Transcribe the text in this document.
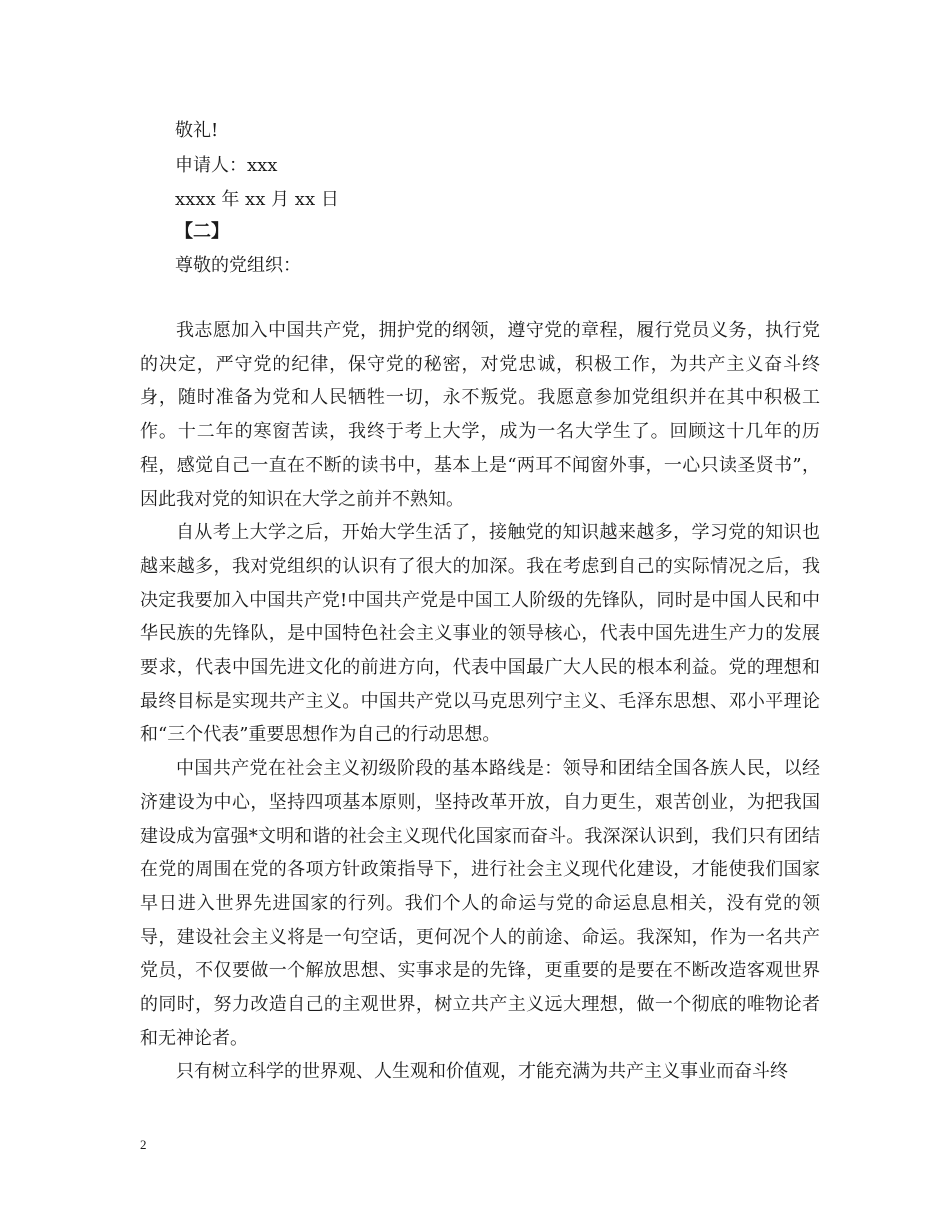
敬礼!
申请人：xxx
xxxx 年 xx 月 xx 日
【二】
尊敬的党组织：

我志愿加入中国共产党，拥护党的纲领，遵守党的章程，履行党员义务，执行党的决定，严守党的纪律，保守党的秘密，对党忠诚，积极工作，为共产主义奋斗终身，随时准备为党和人民牺牲一切，永不叛党。我愿意参加党组织并在其中积极工作。十二年的寒窗苦读，我终于考上大学，成为一名大学生了。回顾这十几年的历程，感觉自己一直在不断的读书中，基本上是“两耳不闻窗外事，一心只读圣贤书”，因此我对党的知识在大学之前并不熟知。

自从考上大学之后，开始大学生活了，接触党的知识越来越多，学习党的知识也越来越多，我对党组织的认识有了很大的加深。我在考虑到自己的实际情况之后，我决定我要加入中国共产党!中国共产党是中国工人阶级的先锋队，同时是中国人民和中华民族的先锋队，是中国特色社会主义事业的领导核心，代表中国先进生产力的发展要求，代表中国先进文化的前进方向，代表中国最广大人民的根本利益。党的理想和最终目标是实现共产主义。中国共产党以马克思列宁主义、毛泽东思想、邓小平理论和“三个代表”重要思想作为自己的行动思想。

中国共产党在社会主义初级阶段的基本路线是：领导和团结全国各族人民，以经济建设为中心，坚持四项基本原则，坚持改革开放，自力更生，艰苦创业，为把我国建设成为富强*文明和谐的社会主义现代化国家而奋斗。我深深认识到，我们只有团结在党的周围在党的各项方针政策指导下，进行社会主义现代化建设，才能使我们国家早日进入世界先进国家的行列。我们个人的命运与党的命运息息相关，没有党的领导，建设社会主义将是一句空话，更何况个人的前途、命运。我深知，作为一名共产党员，不仅要做一个解放思想、实事求是的先锋，更重要的是要在不断改造客观世界的同时，努力改造自己的主观世界，树立共产主义远大理想，做一个彻底的唯物论者和无神论者。

只有树立科学的世界观、人生观和价值观，才能充满为共产主义事业而奋斗终

2
